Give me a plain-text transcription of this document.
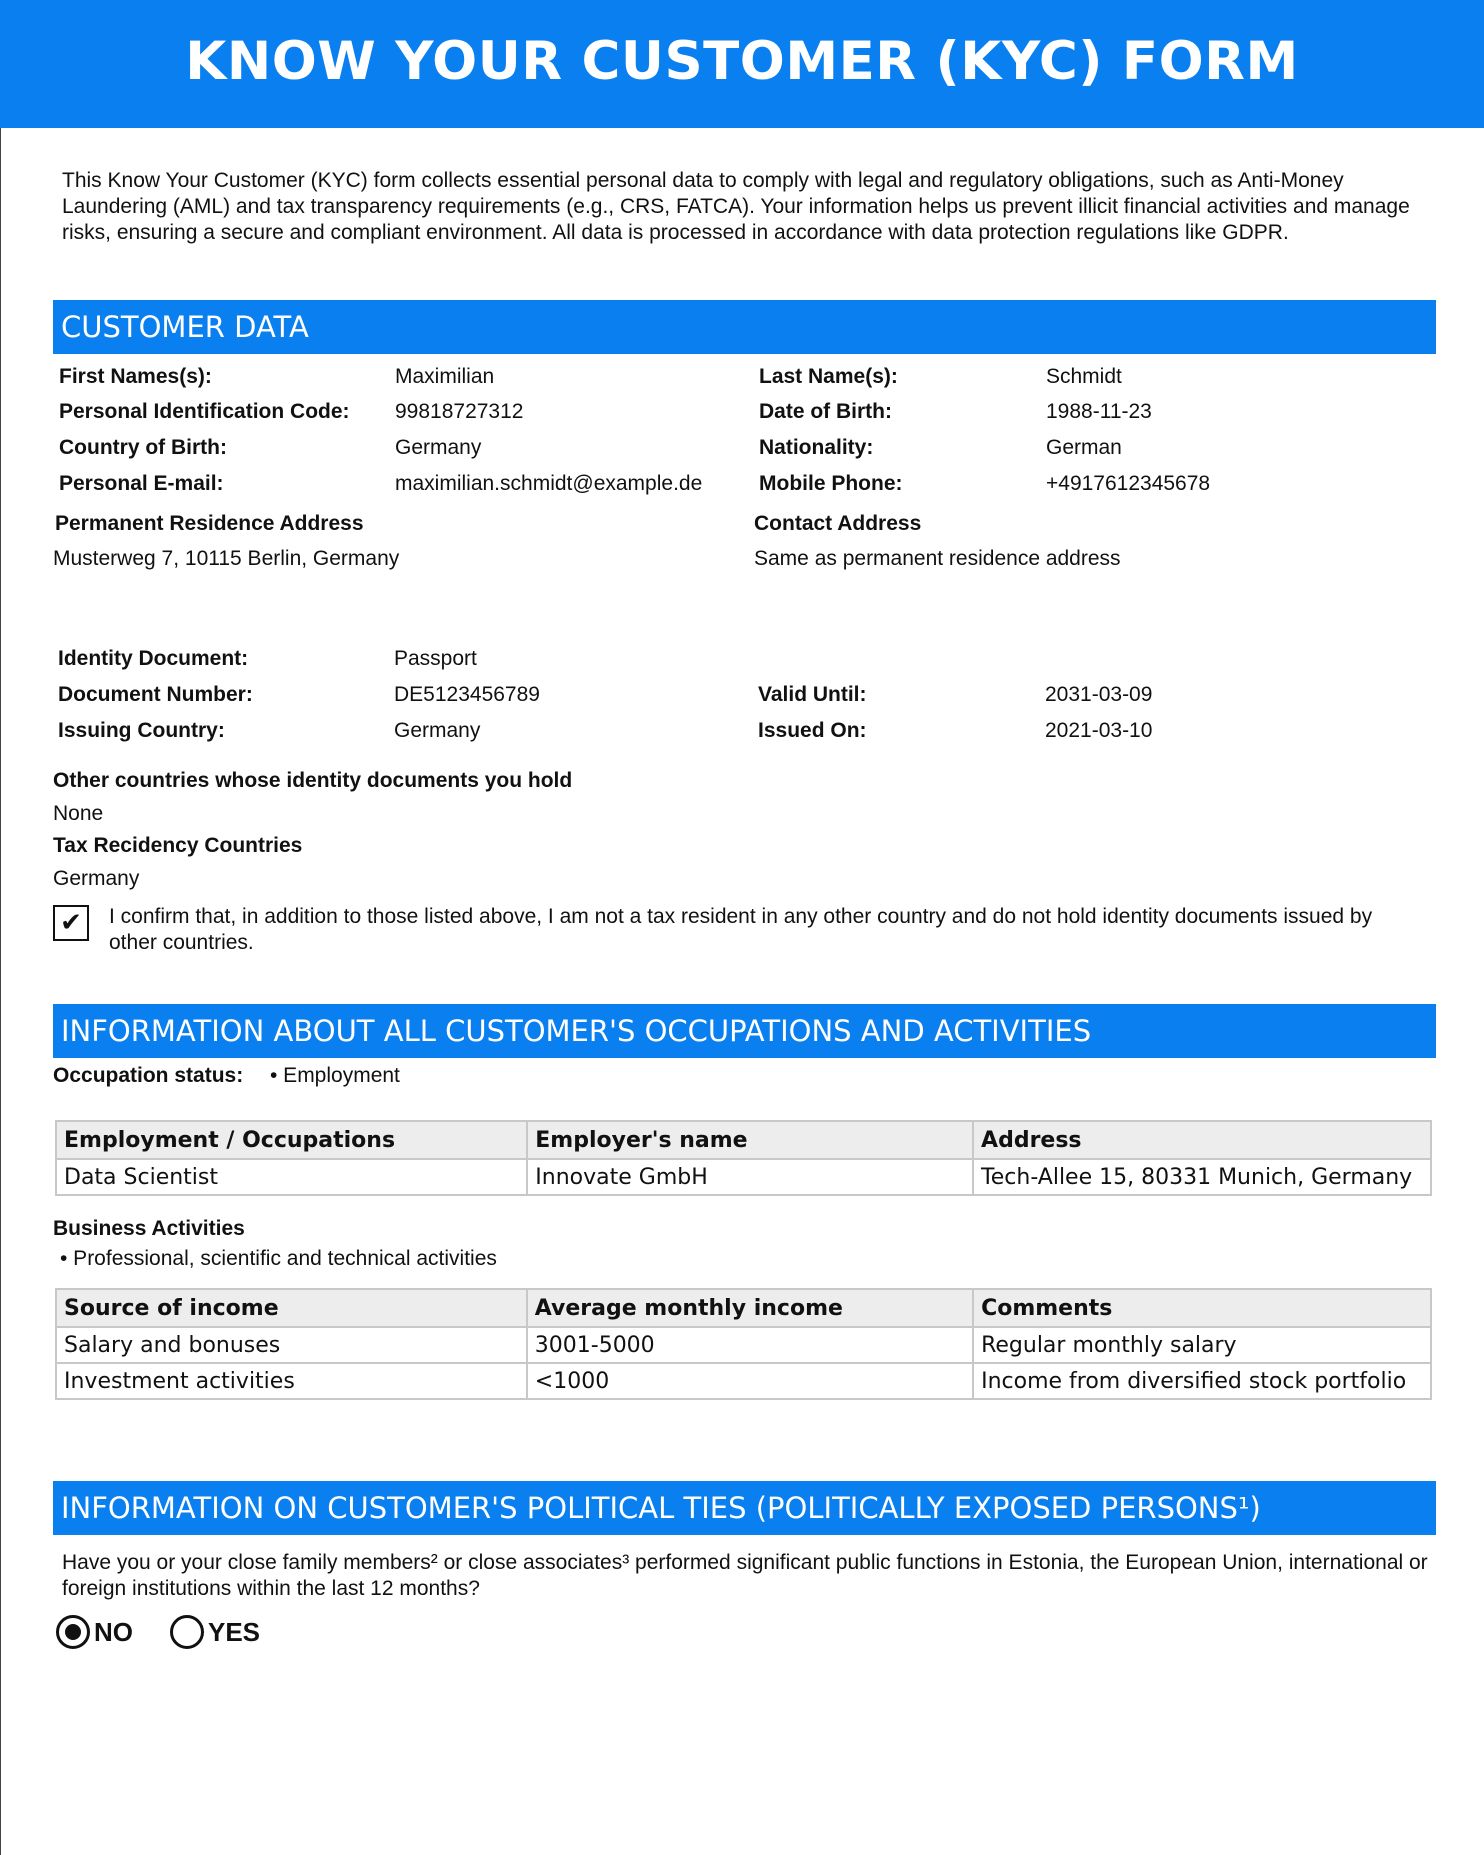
KNOW YOUR CUSTOMER (KYC) FORM

This Know Your Customer (KYC) form collects essential personal data to comply with legal and regulatory obligations, such as Anti-Money Laundering (AML) and tax transparency requirements (e.g., CRS, FATCA). Your information helps us prevent illicit financial activities and manage risks, ensuring a secure and compliant environment. All data is processed in accordance with data protection regulations like GDPR.

CUSTOMER DATA
First Names(s):	Maximilian	Last Name(s):	Schmidt
Personal Identification Code: 99818727312	Date of Birth:	1988-11-23
Country of Birth:	Germany	Nationality:	German
Personal E-mail:	maximilian.schmidt@example.de	Mobile Phone:	+4917612345678
Permanent Residence Address
Musterweg 7, 10115 Berlin, Germany
Contact Address
Same as permanent residence address
Identity Document:	Passport
Document Number:	DE5123456789	Valid Until:	2031-03-09
Issuing Country:	Germany	Issued On:	2021-03-10
Other countries whose identity documents you hold
None
Tax Recidency Countries
Germany
✔	I confirm that, in addition to those listed above, I am not a tax resident in any other country and do not hold identity documents issued by other countries.
INFORMATION ABOUT ALL CUSTOMER'S OCCUPATIONS AND ACTIVITIES
Occupation status: • Employment
Employment / Occupations	Employer's name	Address
Data Scientist	Innovate GmbH	Tech-Allee 15, 80331 Munich, Germany
Business Activities
• Professional, scientific and technical activities
Source of income	Average monthly income	Comments
Salary and bonuses	3001-5000	Regular monthly salary
Investment activities	<1000	Income from diversified stock portfolio
INFORMATION ON CUSTOMER'S POLITICAL TIES (POLITICALLY EXPOSED PERSONS¹)
Have you or your close family members² or close associates³ performed significant public functions in Estonia, the European Union, international or foreign institutions within the last 12 months?
NO	YES
